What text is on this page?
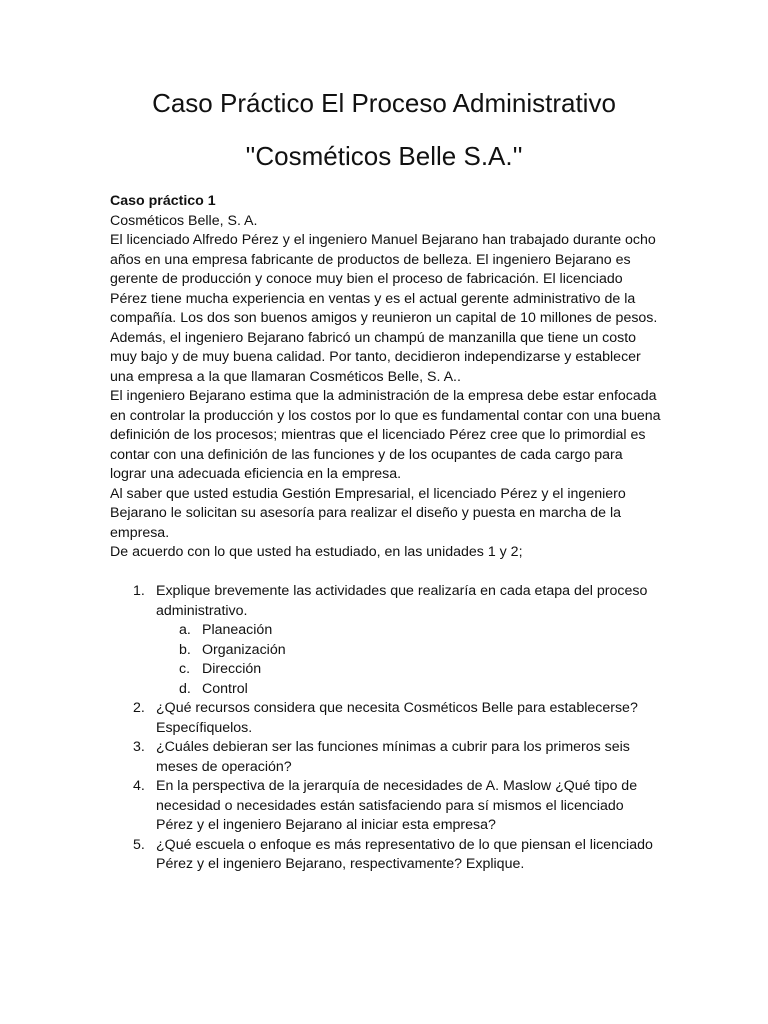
Caso Práctico El Proceso Administrativo
''Cosméticos Belle S.A.''

Caso práctico 1

Cosméticos Belle, S. A.

El licenciado Alfredo Pérez y el ingeniero Manuel Bejarano han trabajado durante ocho años en una empresa fabricante de productos de belleza. El ingeniero Bejarano es gerente de producción y conoce muy bien el proceso de fabricación. El licenciado Pérez tiene mucha experiencia en ventas y es el actual gerente administrativo de la compañía. Los dos son buenos amigos y reunieron un capital de 10 millones de pesos. Además, el ingeniero Bejarano fabricó un champú de manzanilla que tiene un costo muy bajo y de muy buena calidad. Por tanto, decidieron independizarse y establecer una empresa a la que llamaran Cosméticos Belle, S. A..

El ingeniero Bejarano estima que la administración de la empresa debe estar enfocada en controlar la producción y los costos por lo que es fundamental contar con una buena definición de los procesos; mientras que el licenciado Pérez cree que lo primordial es contar con una definición de las funciones y de los ocupantes de cada cargo para lograr una adecuada eficiencia en la empresa.

Al saber que usted estudia Gestión Empresarial, el licenciado Pérez y el ingeniero Bejarano le solicitan su asesoría para realizar el diseño y puesta en marcha de la empresa.

De acuerdo con lo que usted ha estudiado, en las unidades 1 y 2;

1. Explique brevemente las actividades que realizaría en cada etapa del proceso administrativo.
a. Planeación
b. Organización
c. Dirección
d. Control
2. ¿Qué recursos considera que necesita Cosméticos Belle para establecerse? Específiquelos.
3. ¿Cuáles debieran ser las funciones mínimas a cubrir para los primeros seis meses de operación?
4. En la perspectiva de la jerarquía de necesidades de A. Maslow ¿Qué tipo de necesidad o necesidades están satisfaciendo para sí mismos el licenciado Pérez y el ingeniero Bejarano al iniciar esta empresa?
5. ¿Qué escuela o enfoque es más representativo de lo que piensan el licenciado Pérez y el ingeniero Bejarano, respectivamente? Explique.
